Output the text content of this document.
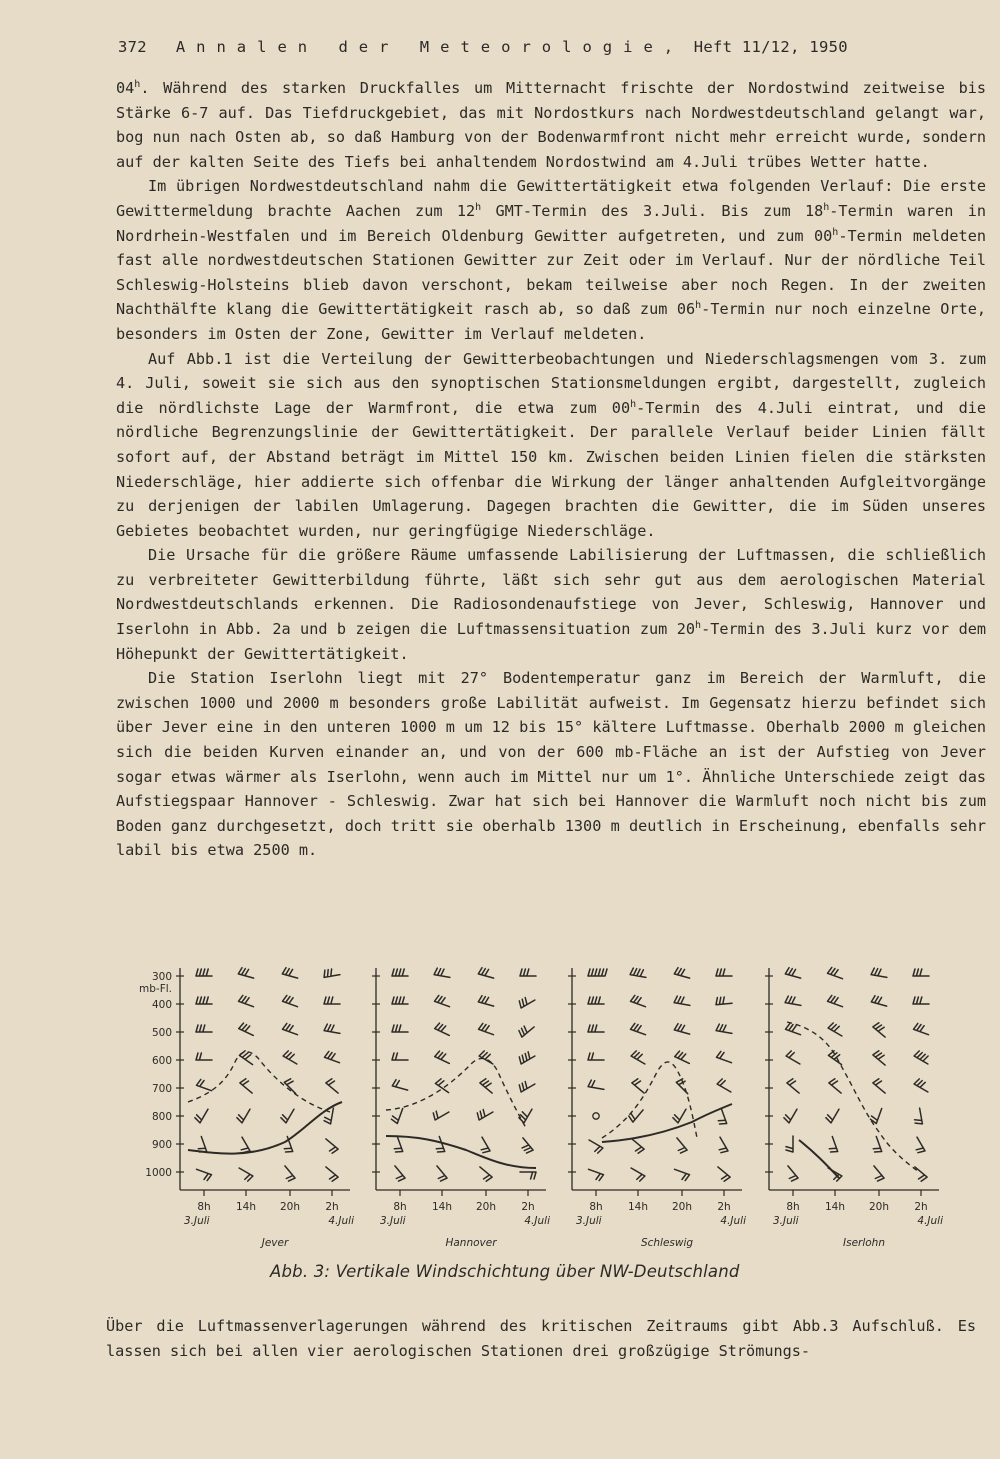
372 Annalen der Meteorologie, Heft 11/12, 1950

04$^h$. Während des starken Druckfalles um Mitternacht frischte der Nordostwind zeitweise bis Stärke 6-7 auf. Das Tiefdruckgebiet, das mit Nordostkurs nach Nordwestdeutschland gelangt war, bog nun nach Osten ab, so daß Hamburg von der Bodenwarmfront nicht mehr erreicht wurde, sondern auf der kalten Seite des Tiefs bei anhaltendem Nordostwind am 4.Juli trübes Wetter hatte.

Im übrigen Nordwestdeutschland nahm die Gewittertätigkeit etwa folgenden Verlauf: Die erste Gewittermeldung brachte Aachen zum 12$^h$ GMT-Termin des 3.Juli. Bis zum 18$^h$-Termin waren in Nordrhein-Westfalen und im Bereich Oldenburg Gewitter aufgetreten, und zum 00$^h$-Termin meldeten fast alle nordwestdeutschen Stationen Gewitter zur Zeit oder im Verlauf. Nur der nördliche Teil Schleswig-Holsteins blieb davon verschont, bekam teilweise aber noch Regen. In der zweiten Nachthälfte klang die Gewittertätigkeit rasch ab, so daß zum 06$^h$-Termin nur noch einzelne Orte, besonders im Osten der Zone, Gewitter im Verlauf meldeten.

Auf Abb.1 ist die Verteilung der Gewitterbeobachtungen und Niederschlagsmengen vom 3. zum 4. Juli, soweit sie sich aus den synoptischen Stationsmeldungen ergibt, dargestellt, zugleich die nördlichste Lage der Warmfront, die etwa zum 00$^h$-Termin des 4.Juli eintrat, und die nördliche Begrenzungslinie der Gewittertätigkeit. Der parallele Verlauf beider Linien fällt sofort auf, der Abstand beträgt im Mittel 150 km. Zwischen beiden Linien fielen die stärksten Niederschläge, hier addierte sich offenbar die Wirkung der länger anhaltenden Aufgleitvorgänge zu derjenigen der labilen Umlagerung. Dagegen brachten die Gewitter, die im Süden unseres Gebietes beobachtet wurden, nur geringfügige Niederschläge.

Die Ursache für die größere Räume umfassende Labilisierung der Luftmassen, die schließlich zu verbreiteter Gewitterbildung führte, läßt sich sehr gut aus dem aerologischen Material Nordwestdeutschlands erkennen. Die Radiosondenaufstiege von Jever, Schleswig, Hannover und Iserlohn in Abb. 2a und b zeigen die Luftmassensituation zum 20$^h$-Termin des 3.Juli kurz vor dem Höhepunkt der Gewittertätigkeit.

Die Station Iserlohn liegt mit 27° Bodentemperatur ganz im Bereich der Warmluft, die zwischen 1000 und 2000 m besonders große Labilität aufweist. Im Gegensatz hierzu befindet sich über Jever eine in den unteren 1000 m um 12 bis 15° kältere Luftmasse. Oberhalb 2000 m gleichen sich die beiden Kurven einander an, und von der 600 mb-Fläche an ist der Aufstieg von Jever sogar etwas wärmer als Iserlohn, wenn auch im Mittel nur um 1°. Ähnliche Unterschiede zeigt das Aufstiegspaar Hannover - Schleswig. Zwar hat sich bei Hannover die Warmluft noch nicht bis zum Boden ganz durchgesetzt, doch tritt sie oberhalb 1300 m deutlich in Erscheinung, ebenfalls sehr labil bis etwa 2500 m.

300
400
500
600
700
800
900
1000
mb-Fl.
8h 14h 20h 2h
3.Juli	4.Juli
Jever
8h 14h 20h 2h
3.Juli	4.Juli
Hannover
8h 14h 20h 2h
3.Juli	4.Juli
Schleswig
8h 14h 20h 2h
3.Juli	4.Juli
Iserlohn
Abb. 3: Vertikale Windschichtung über NW-Deutschland

Über die Luftmassenverlagerungen während des kritischen Zeitraums gibt Abb.3 Aufschluß. Es lassen sich bei allen vier aerologischen Stationen drei großzügige Strömungs-
